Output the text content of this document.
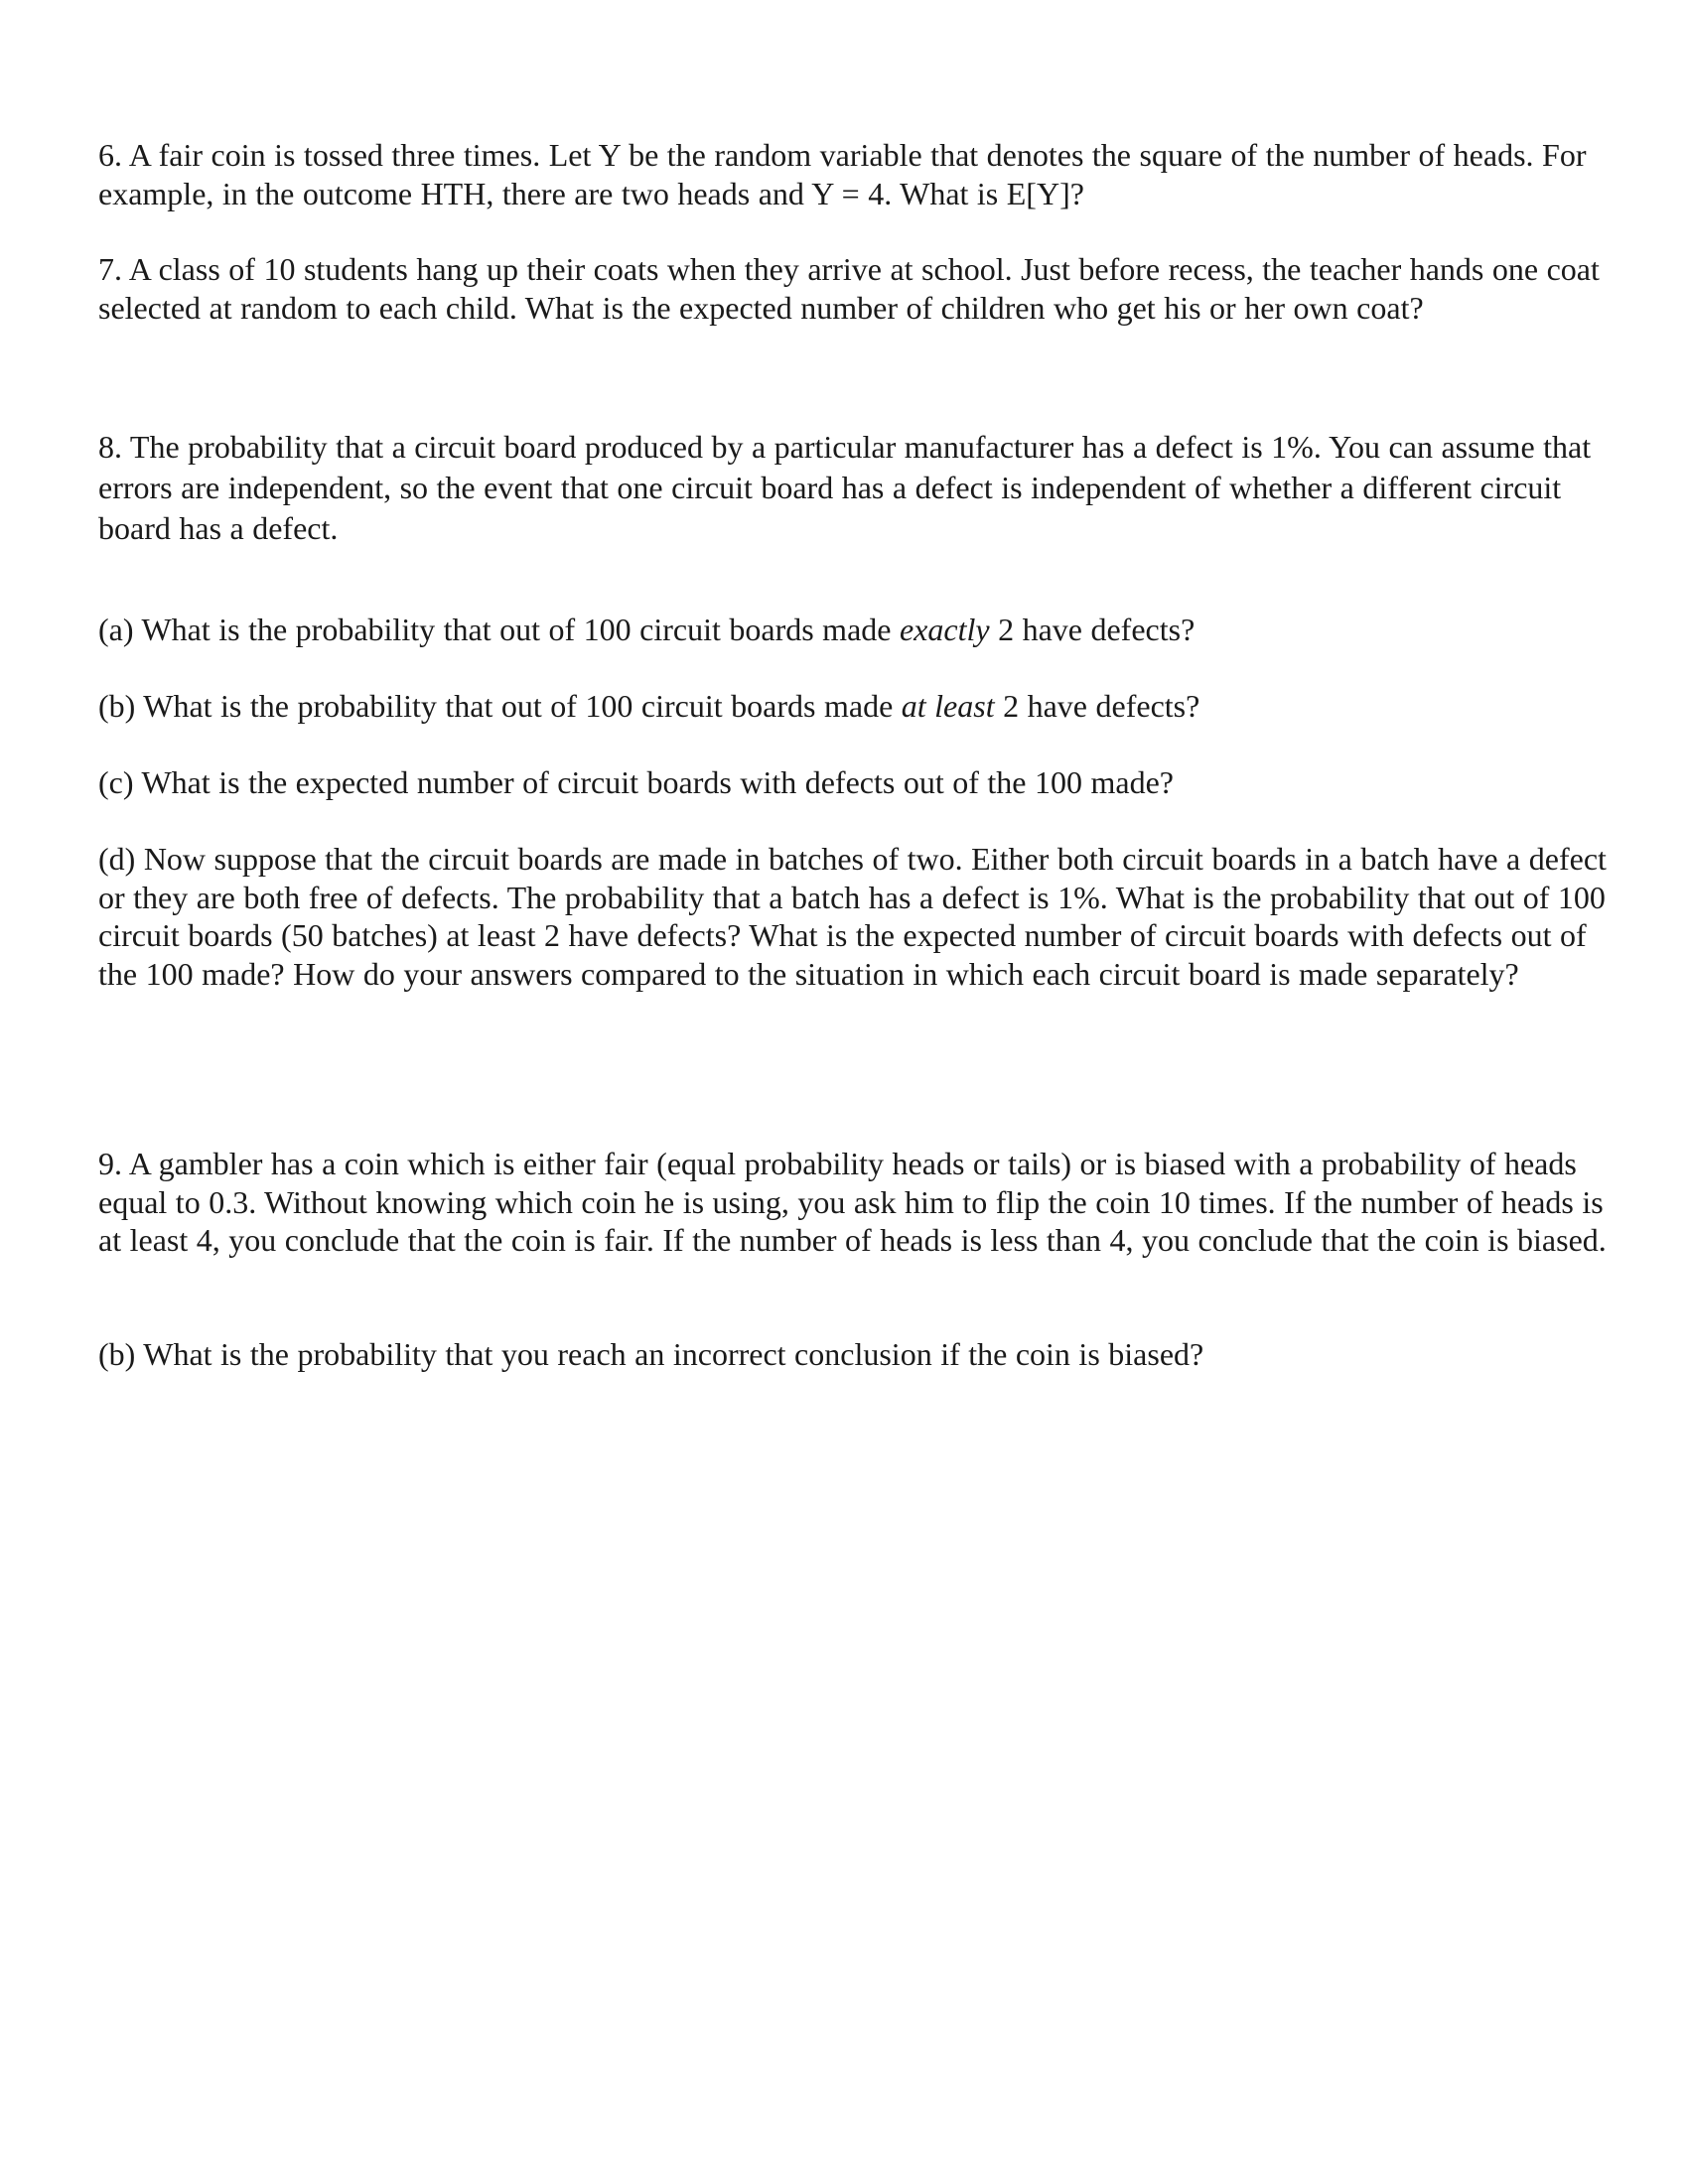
6. A fair coin is tossed three times. Let Y be the random variable that denotes the square of the number of heads. For example, in the outcome HTH, there are two heads and Y = 4. What is E[Y]?

7. A class of 10 students hang up their coats when they arrive at school. Just before recess, the teacher hands one coat selected at random to each child. What is the expected number of children who get his or her own coat?

8. The probability that a circuit board produced by a particular manufacturer has a defect is 1%. You can assume that errors are independent, so the event that one circuit board has a defect is independent of whether a different circuit board has a defect.

(a) What is the probability that out of 100 circuit boards made exactly 2 have defects?

(b) What is the probability that out of 100 circuit boards made at least 2 have defects?

(c) What is the expected number of circuit boards with defects out of the 100 made?

(d) Now suppose that the circuit boards are made in batches of two. Either both circuit boards in a batch have a defect or they are both free of defects. The probability that a batch has a defect is 1%. What is the probability that out of 100 circuit boards (50 batches) at least 2 have defects? What is the expected number of circuit boards with defects out of the 100 made? How do your answers compared to the situation in which each circuit board is made separately?

9. A gambler has a coin which is either fair (equal probability heads or tails) or is biased with a probability of heads equal to 0.3. Without knowing which coin he is using, you ask him to flip the coin 10 times. If the number of heads is at least 4, you conclude that the coin is fair. If the number of heads is less than 4, you conclude that the coin is biased.

(b) What is the probability that you reach an incorrect conclusion if the coin is biased?
